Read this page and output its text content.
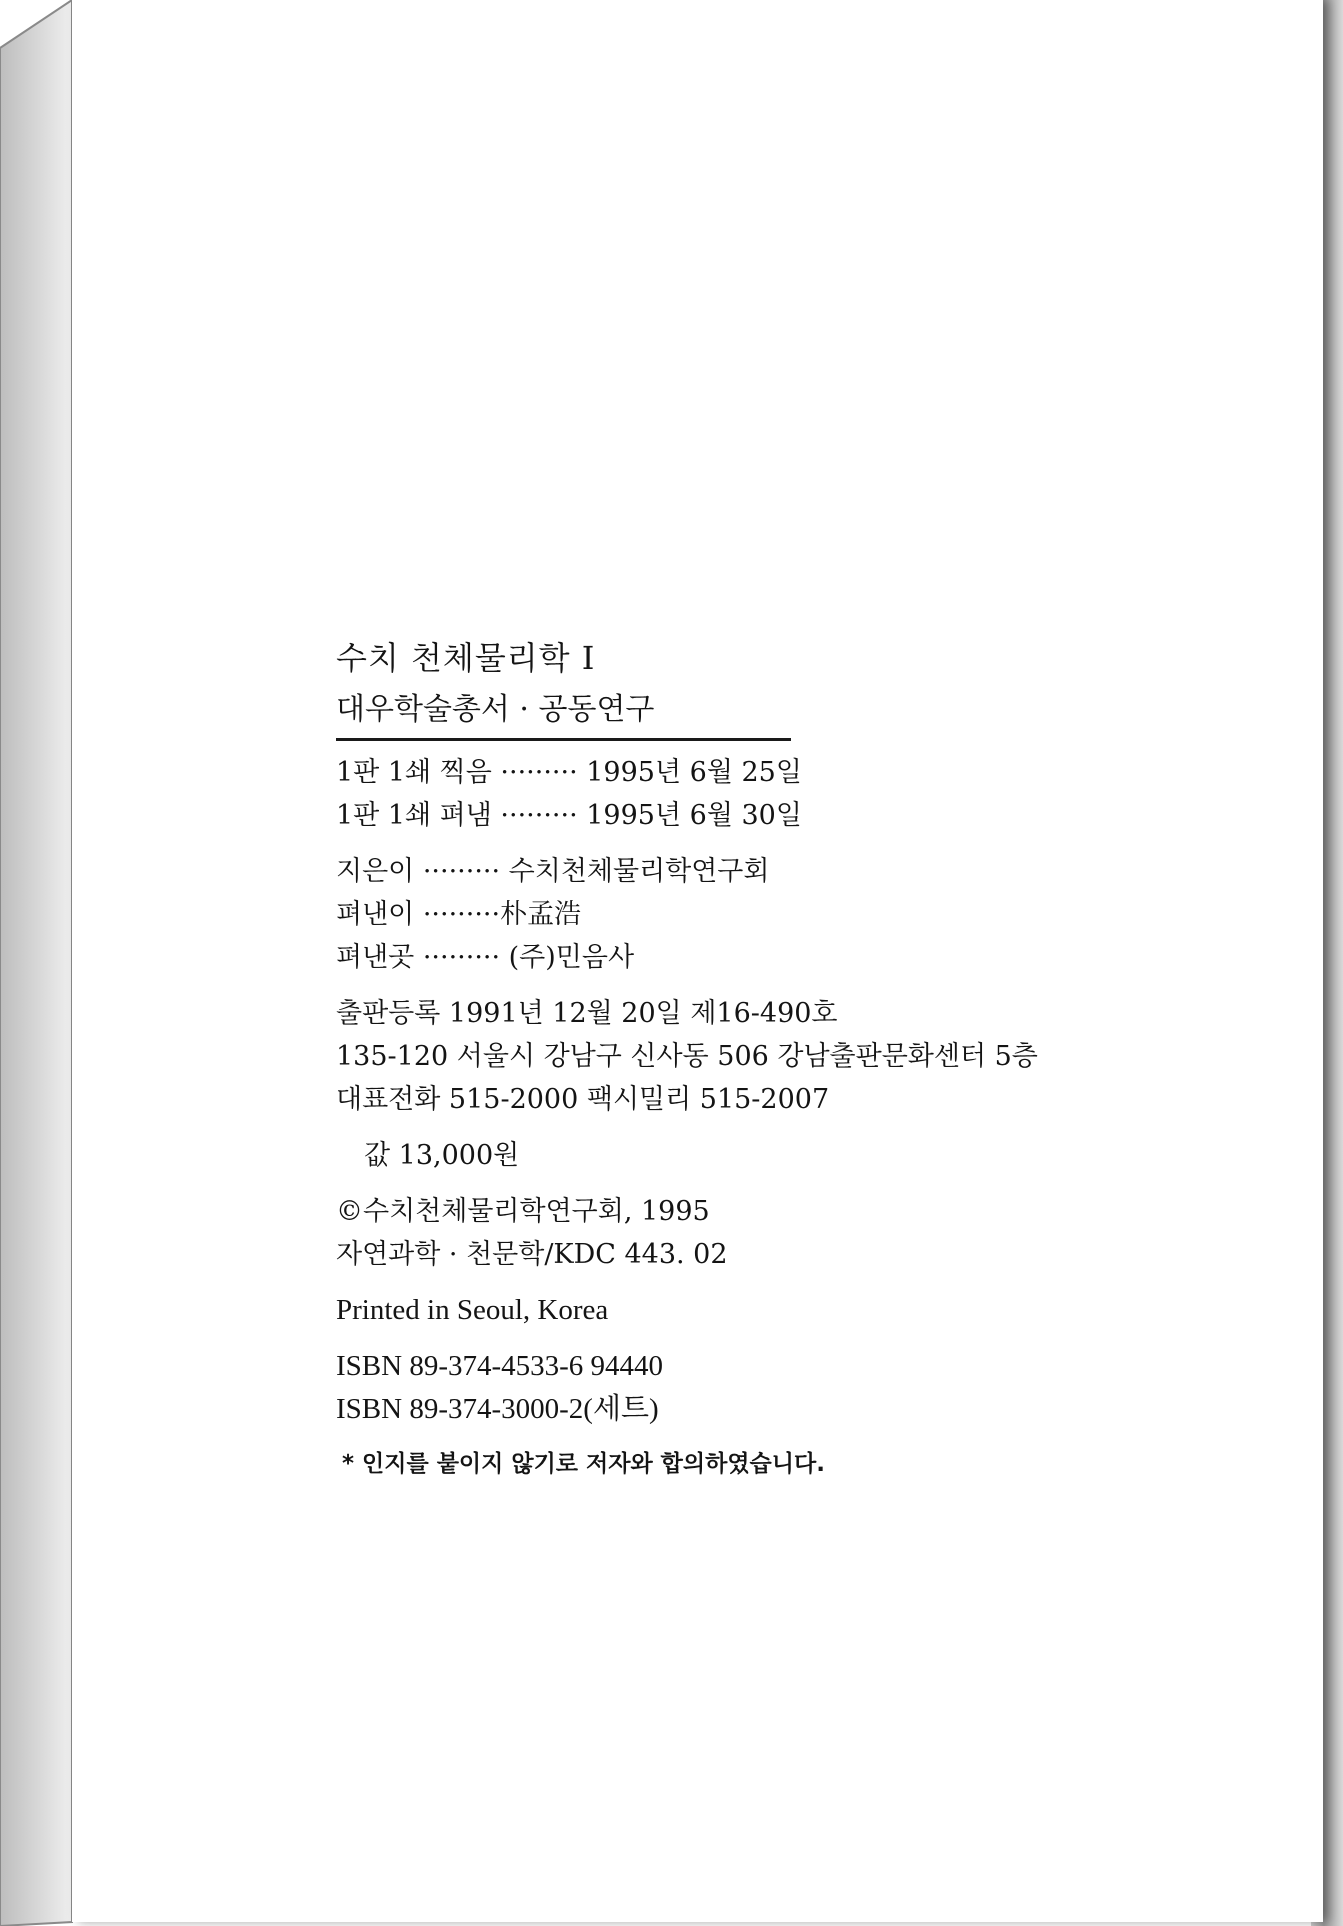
수치 천체물리학 Ⅰ
대우학술총서 · 공동연구
1판 1쇄 찍음 ········· 1995년 6월 25일
1판 1쇄 펴냄 ········· 1995년 6월 30일
지은이 ········· 수치천체물리학연구회
펴낸이 ·········朴孟浩
펴낸곳 ········· (주)민음사
출판등록 1991년 12월 20일 제16-490호
135-120 서울시 강남구 신사동 506 강남출판문화센터 5층
대표전화 515-2000 팩시밀리 515-2007
값 13,000원
©수치천체물리학연구회, 1995
자연과학 · 천문학/KDC 443. 02
Printed in Seoul, Korea
ISBN 89-374-4533-6 94440
ISBN 89-374-3000-2(세트)
* 인지를 붙이지 않기로 저자와 합의하였습니다.
